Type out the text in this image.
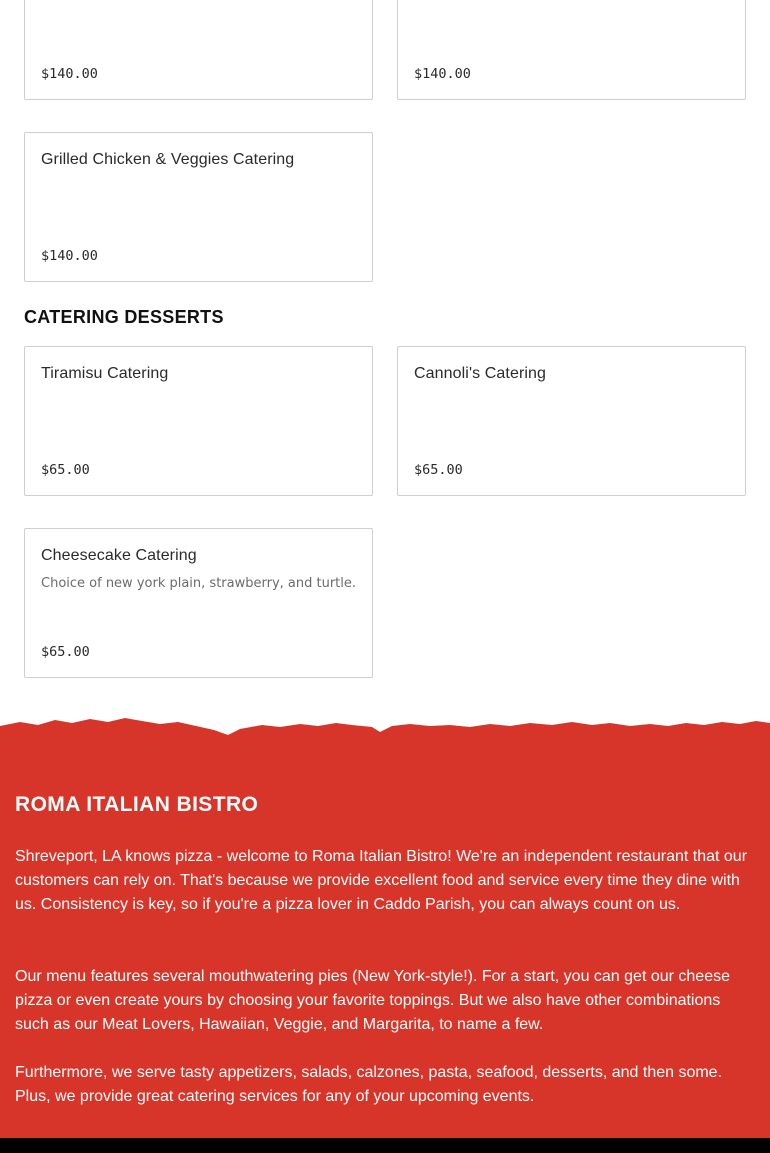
$140.00	$140.00
Grilled Chicken & Veggies Catering
$140.00
CATERING DESSERTS
Tiramisu Catering
$65.00
Cannoli's Catering
$65.00
Cheesecake Catering
Choice of new york plain, strawberry, and turtle.
$65.00
ROMA ITALIAN BISTRO

Shreveport, LA knows pizza - welcome to Roma Italian Bistro! We're an independent restaurant that our customers can rely on. That's because we provide excellent food and service every time they dine with us. Consistency is key, so if you're a pizza lover in Caddo Parish, you can always count on us.

Our menu features several mouthwatering pies (New York-style!). For a start, you can get our cheese pizza or even create yours by choosing your favorite toppings. But we also have other combinations such as our Meat Lovers, Hawaiian, Veggie, and Margarita, to name a few.

Furthermore, we serve tasty appetizers, salads, calzones, pasta, seafood, desserts, and then some. Plus, we provide great catering services for any of your upcoming events.
